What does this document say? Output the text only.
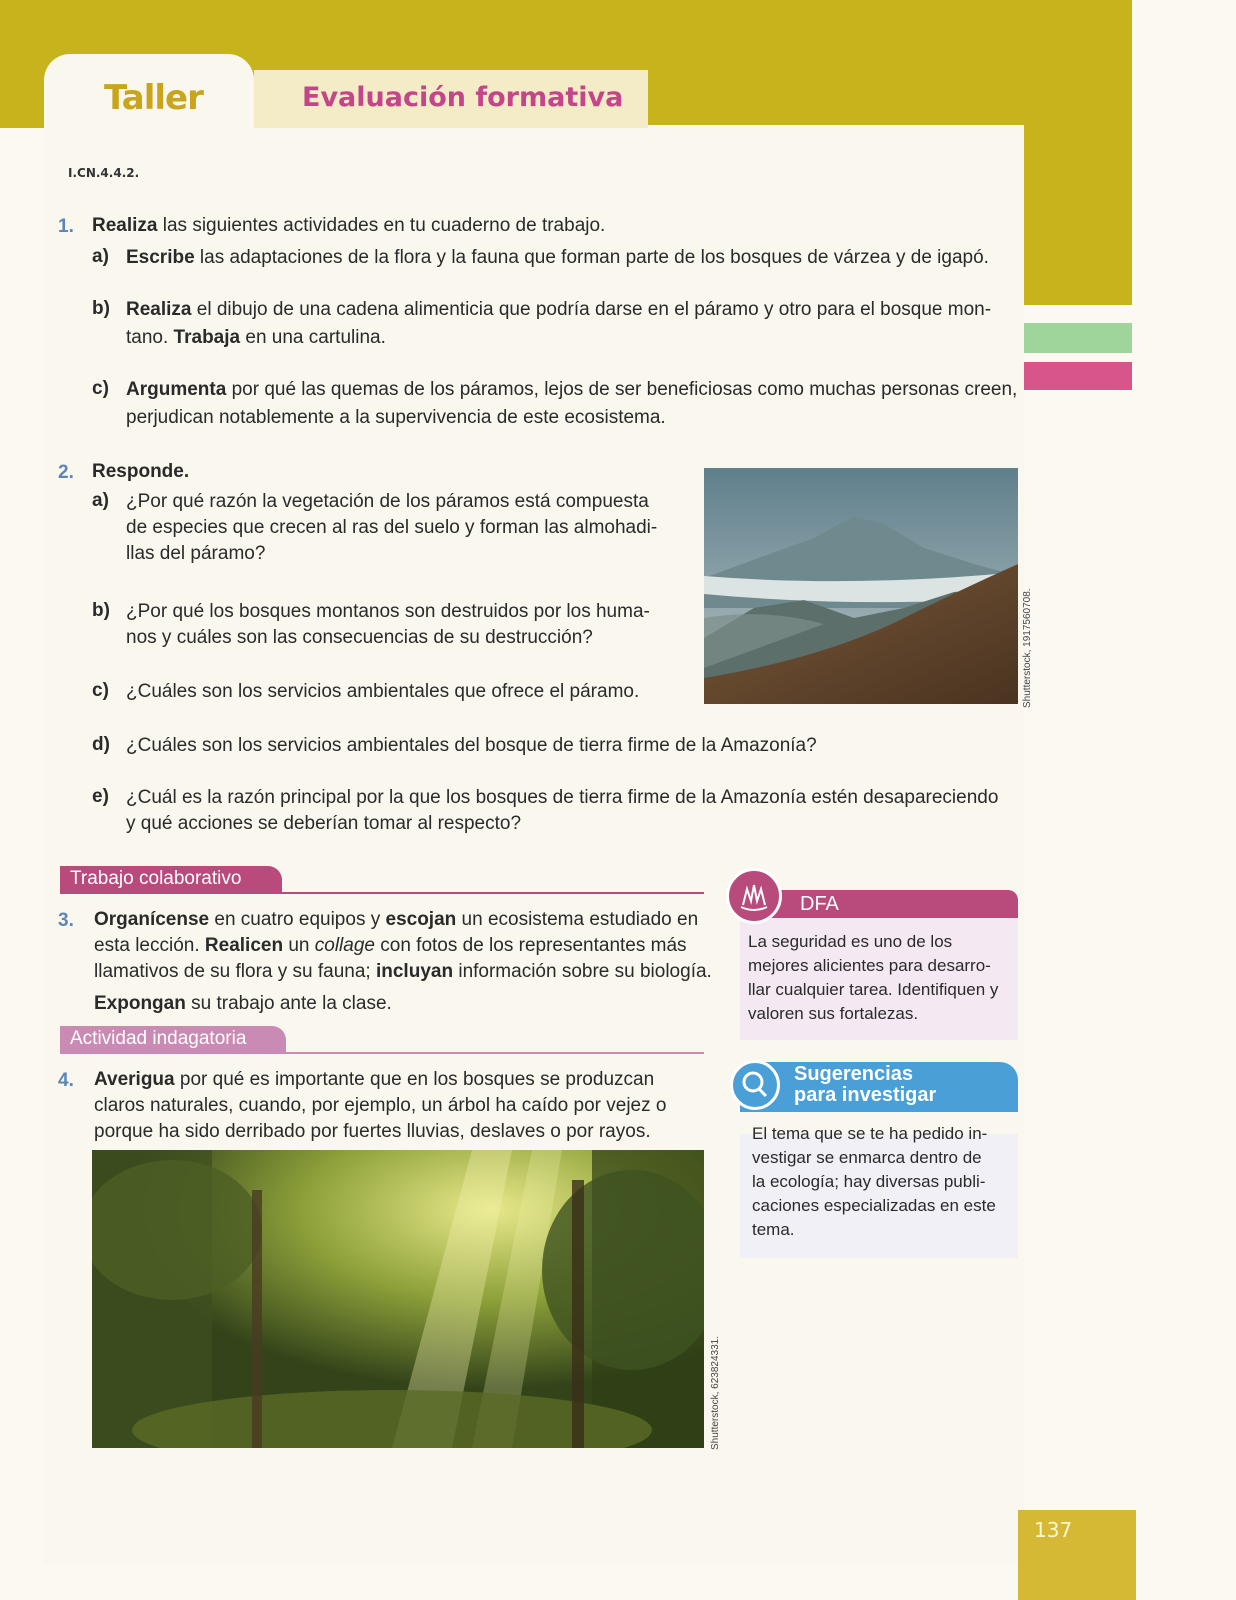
Taller	Evaluación formativa
I.CN.4.4.2.
1. Realiza las siguientes actividades en tu cuaderno de trabajo.
a) Escribe las adaptaciones de la flora y la fauna que forman parte de los bosques de várzea y de igapó.
b) Realiza el dibujo de una cadena alimenticia que podría darse en el páramo y otro para el bosque mon-
tano. Trabaja en una cartulina.
c) Argumenta por qué las quemas de los páramos, lejos de ser beneficiosas como muchas personas creen,
perjudican notablemente a la supervivencia de este ecosistema.
2. Responde.
a) ¿Por qué razón la vegetación de los páramos está compuesta
de especies que crecen al ras del suelo y forman las almohadi-
llas del páramo?
b) ¿Por qué los bosques montanos son destruidos por los huma-
nos y cuáles son las consecuencias de su destrucción?
c) ¿Cuáles son los servicios ambientales que ofrece el páramo.
d) ¿Cuáles son los servicios ambientales del bosque de tierra firme de la Amazonía?
e) ¿Cuál es la razón principal por la que los bosques de tierra firme de la Amazonía estén desapareciendo
y qué acciones se deberían tomar al respecto?
Shutterstock, 1917560708.
Trabajo colaborativo
3. Organícense en cuatro equipos y escojan un ecosistema estudiado en
esta lección. Realicen un collage con fotos de los representantes más
llamativos de su flora y su fauna; incluyan información sobre su biología.
Expongan su trabajo ante la clase.
Actividad indagatoria
4. Averigua por qué es importante que en los bosques se produzcan
claros naturales, cuando, por ejemplo, un árbol ha caído por vejez o
porque ha sido derribado por fuertes lluvias, deslaves o por rayos.
Shutterstock, 623824331.
DFA
La seguridad es uno de los
mejores alicientes para desarro-
llar cualquier tarea. Identifiquen y
valoren sus fortalezas.
Sugerencias
para investigar
El tema que se te ha pedido in-
vestigar se enmarca dentro de
la ecología; hay diversas publi-
caciones especializadas en este
tema.
137
